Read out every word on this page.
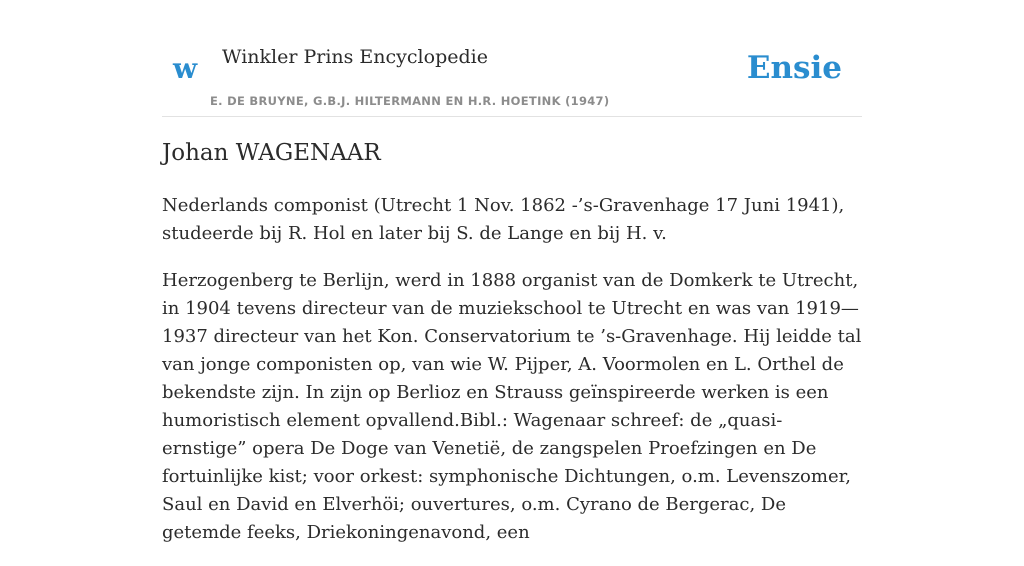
w Winkler Prins Encyclopedie
E. DE BRUYNE, G.B.J. HILTERMANN EN H.R. HOETINK (1947)
Ensie
Johan WAGENAAR

Nederlands componist (Utrecht 1 Nov. 1862 -’s-Gravenhage 17 Juni 1941), studeerde bij R. Hol en later bij S. de Lange en bij H. v.

Herzogenberg te Berlijn, werd in 1888 organist van de Domkerk te Utrecht, in 1904 tevens directeur van de muziekschool te Utrecht en was van 1919— 1937 directeur van het Kon. Conservatorium te ’s-Gravenhage. Hij leidde tal van jonge componisten op, van wie W. Pijper, A. Voormolen en L. Orthel de bekendste zijn. In zijn op Berlioz en Strauss geïnspireerde werken is een humoristisch element opvallend.Bibl.: Wagenaar schreef: de „quasi-ernstige” opera De Doge van Venetië, de zangspelen Proefzingen en De fortuinlijke kist; voor orkest: symphonische Dichtungen, o.m. Levenszomer, Saul en David en Elverhöi; ouvertures, o.m. Cyrano de Bergerac, De getemde feeks, Driekoningenavond, een
